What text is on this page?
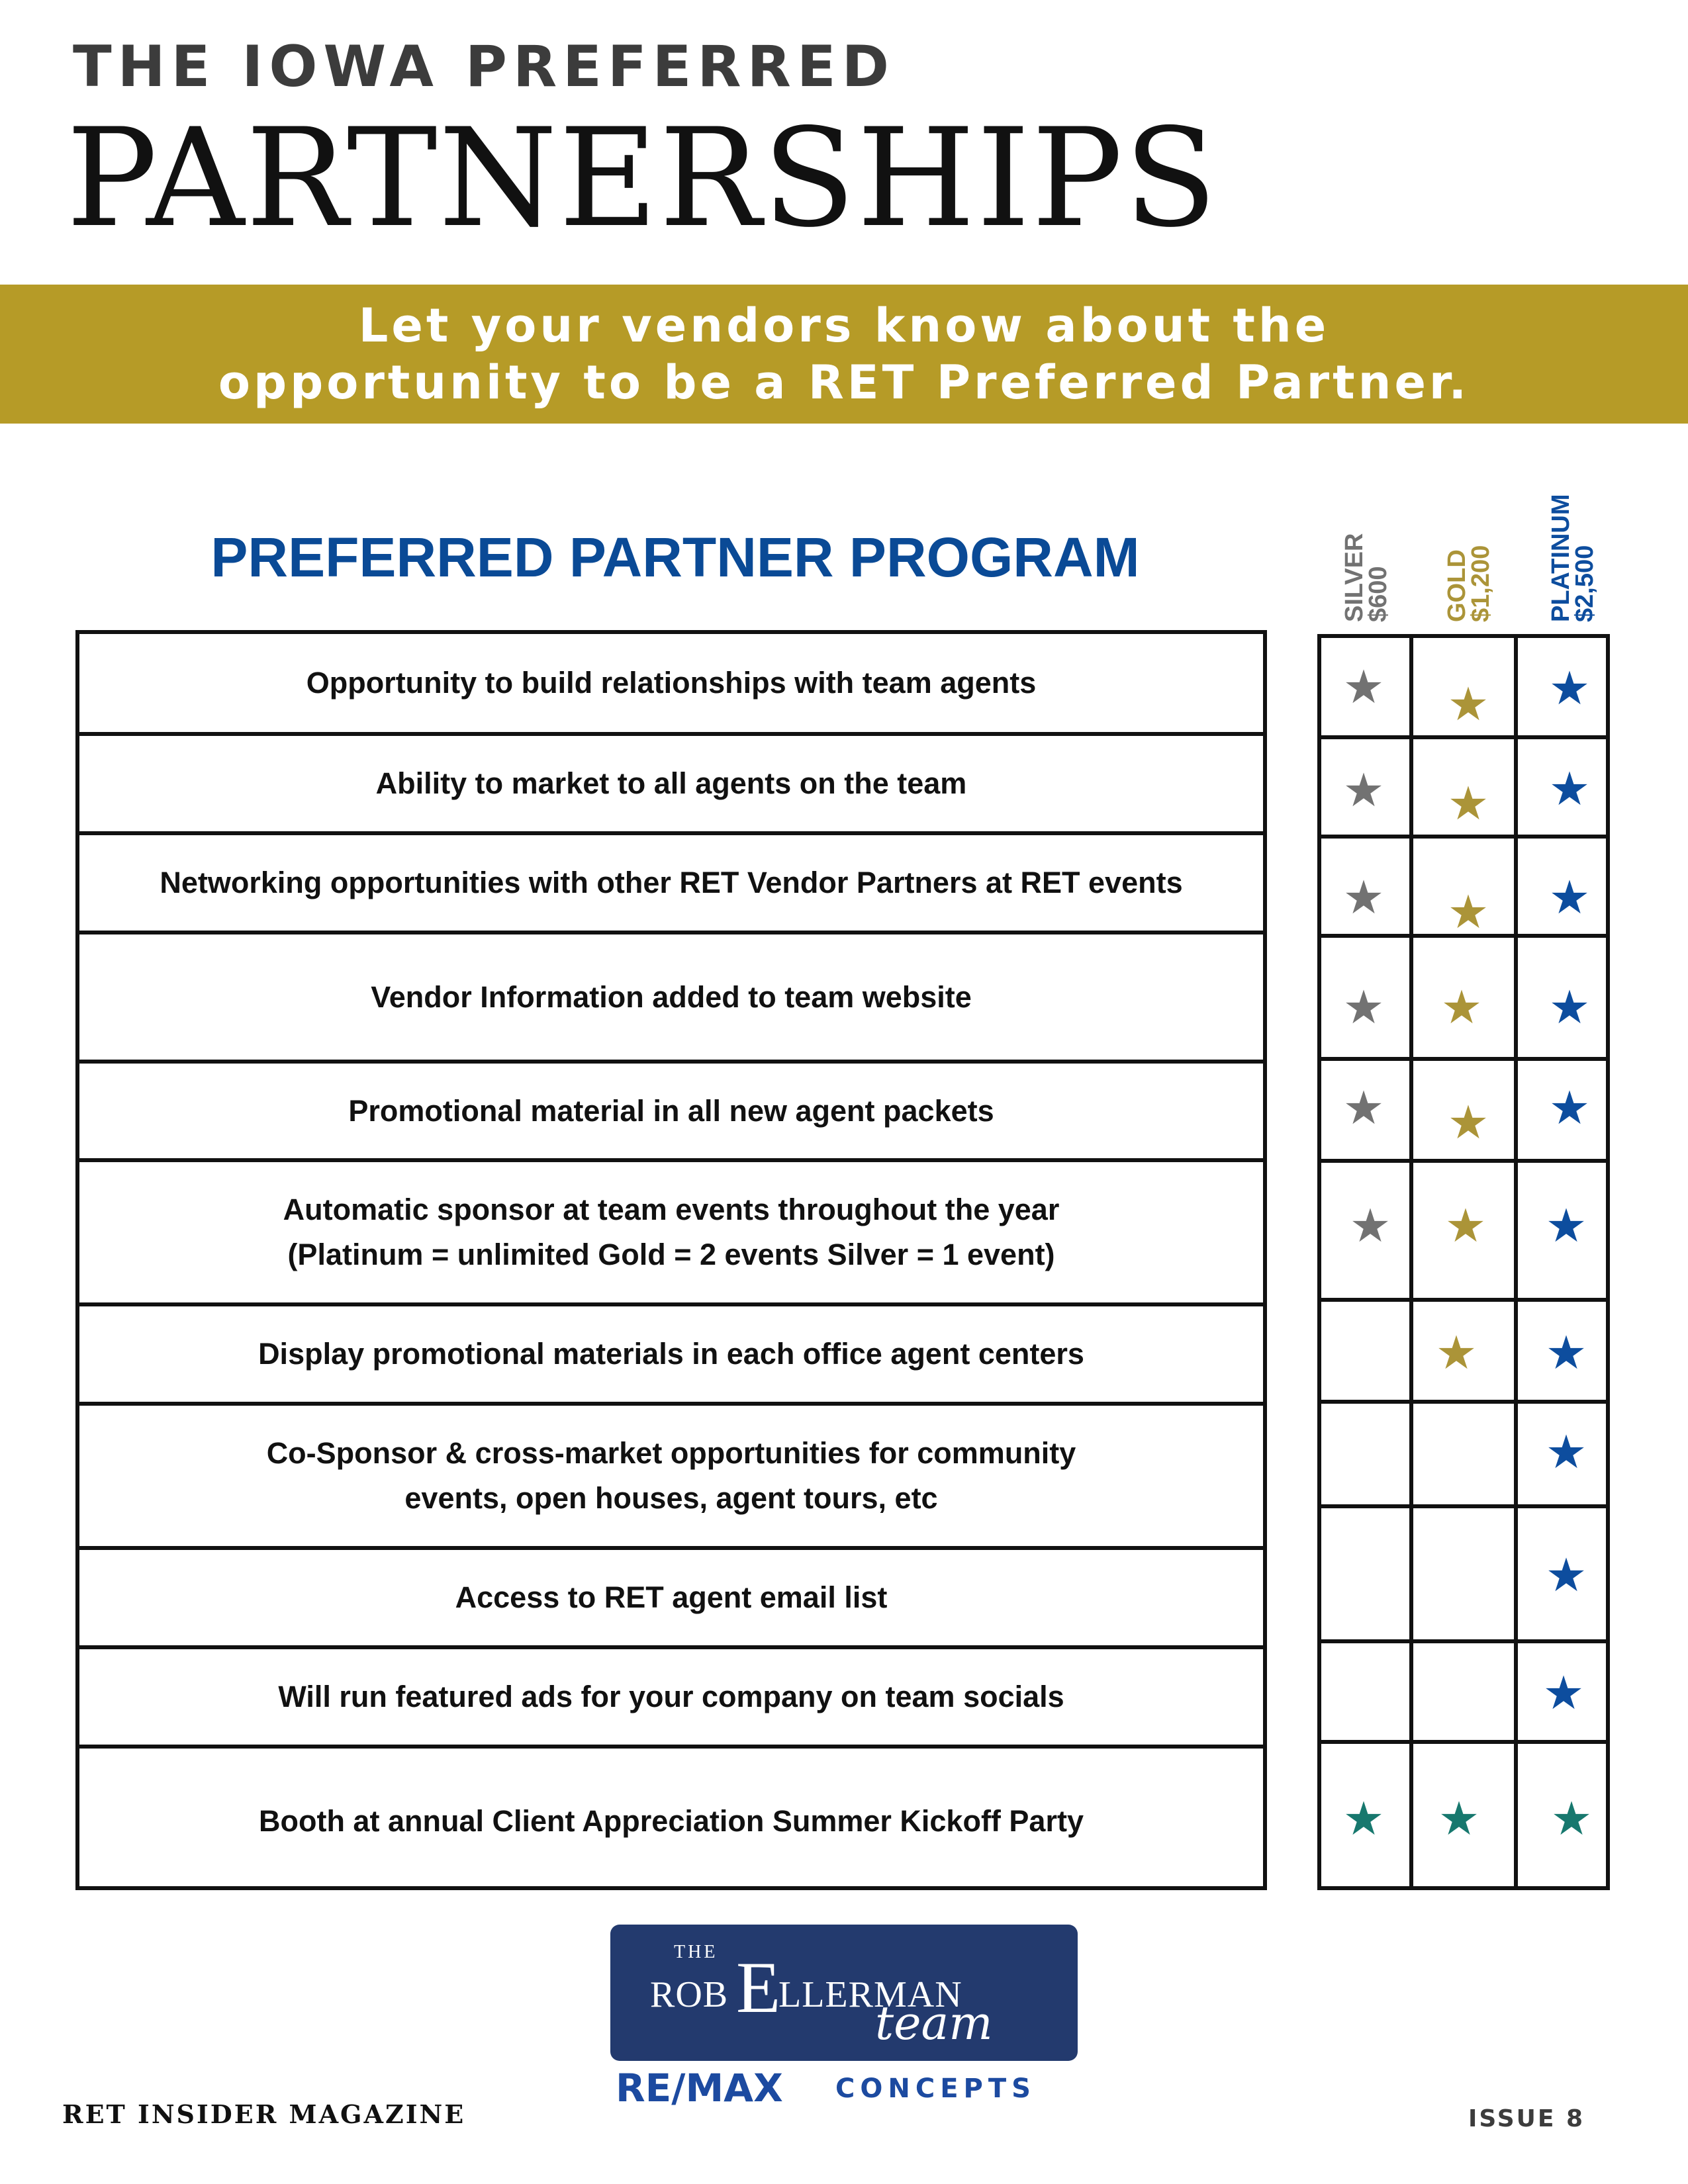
THE IOWA PREFERRED
PARTNERSHIPS
Let your vendors know about the
opportunity to be a RET Preferred Partner.
PREFERRED PARTNER PROGRAM	SILVER
$600 GOLD
$1,200 PLATINUM
$2,500
Opportunity to build relationships with team agents
Ability to market to all agents on the team
Networking opportunities with other RET Vendor Partners at RET events
Vendor Information added to team website
Promotional material in all new agent packets
Automatic sponsor at team events throughout the year
(Platinum = unlimited Gold = 2 events Silver = 1 event)
Display promotional materials in each office agent centers
Co-Sponsor & cross-market opportunities for community
events, open houses, agent tours, etc
Access to RET agent email list
Will run featured ads for your company on team socials
Booth at annual Client Appreciation Summer Kickoff Party
THE
ROB E
LLERMAN
team
RE/MAX CONCEPTS
RET INSIDER MAGAZINE	ISSUE 8
★ ★ ★
★ ★ ★
★ ★ ★
★ ★ ★
★ ★ ★
★ ★ ★
★ ★
★
★
★
★ ★ ★
